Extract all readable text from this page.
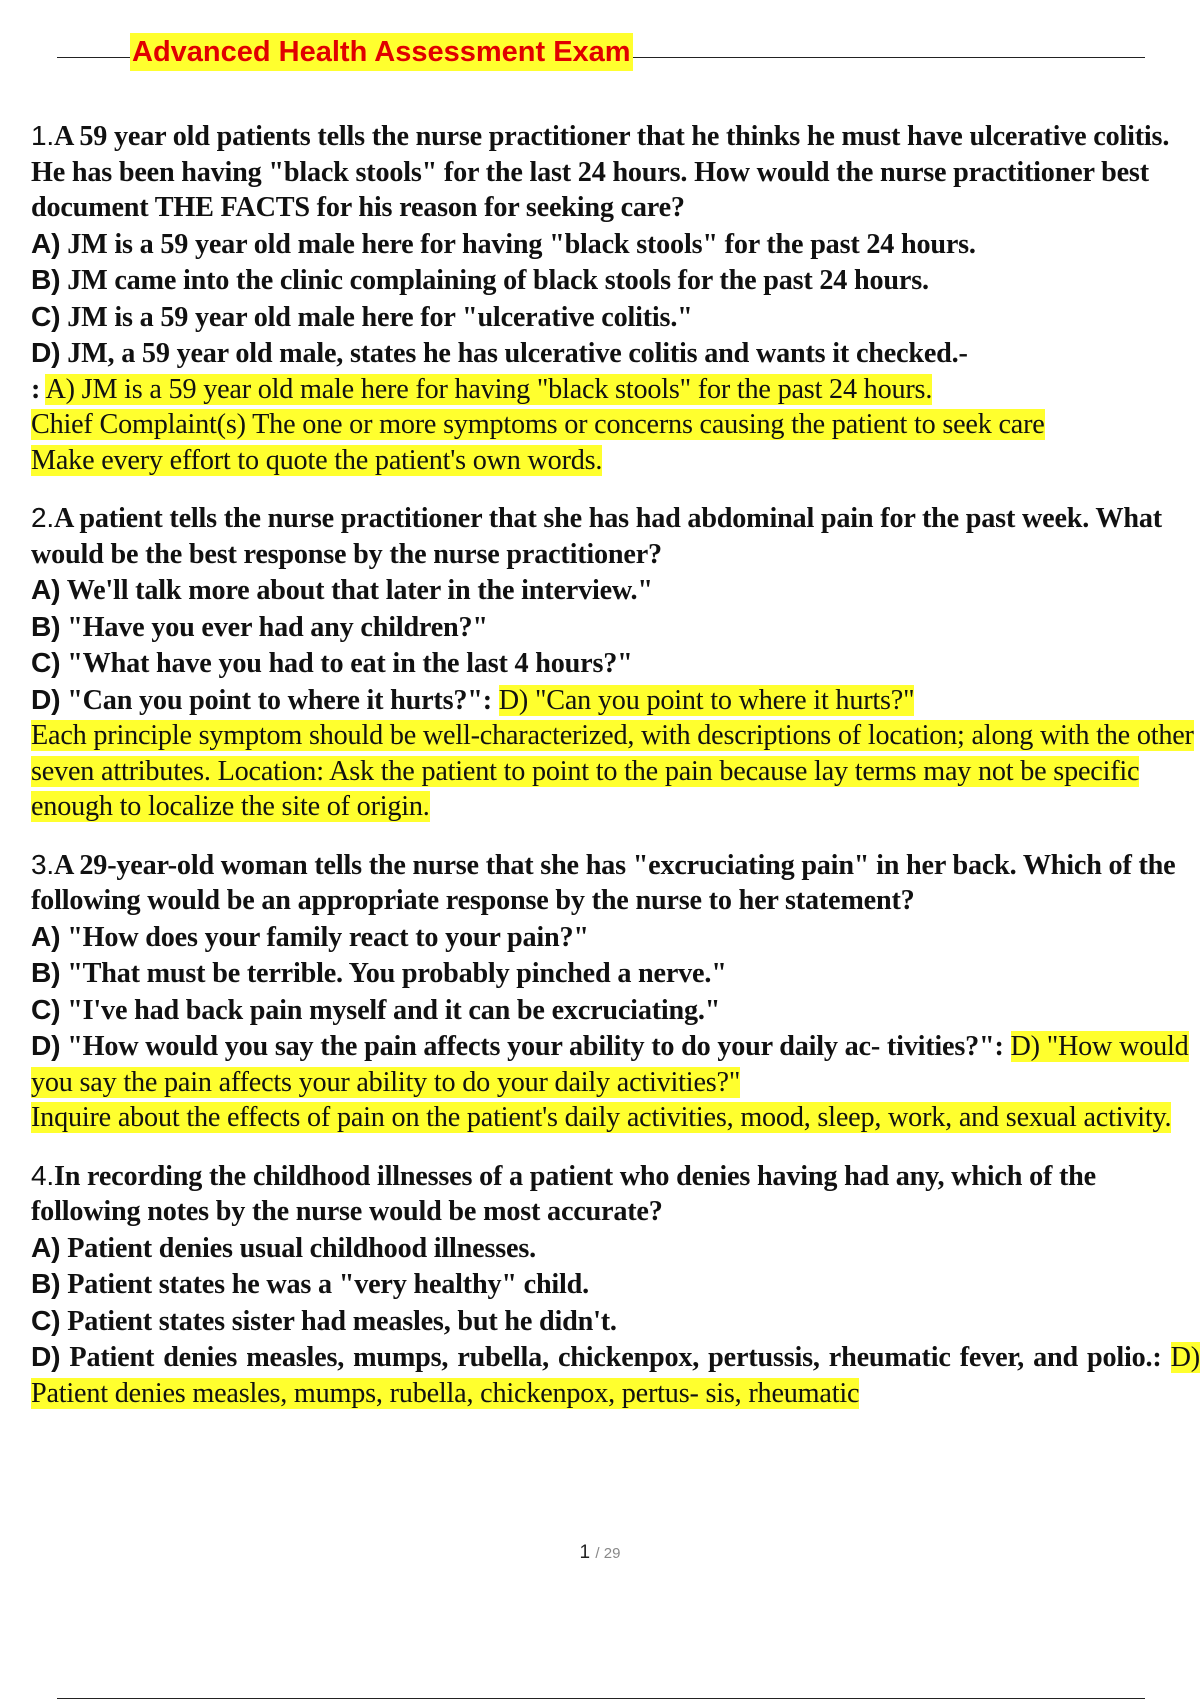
Advanced Health Assessment Exam
1.A 59 year old patients tells the nurse practitioner that he thinks he must have ulcerative colitis. He has been having "black stools" for the last 24 hours. How would the nurse practitioner best document THE FACTS for his reason for seeking care?
A) JM is a 59 year old male here for having "black stools" for the past 24 hours.
B) JM came into the clinic complaining of black stools for the past 24 hours.
C) JM is a 59 year old male here for "ulcerative colitis."
D) JM, a 59 year old male, states he has ulcerative colitis and wants it checked.-
: A) JM is a 59 year old male here for having "black stools" for the past 24 hours.
Chief Complaint(s) The one or more symptoms or concerns causing the patient to seek care
Make every effort to quote the patient's own words.
2.A patient tells the nurse practitioner that she has had abdominal pain for the past week. What would be the best response by the nurse practitioner?
A) We'll talk more about that later in the interview."
B) "Have you ever had any children?"
C) "What have you had to eat in the last 4 hours?"
D) "Can you point to where it hurts?": D) "Can you point to where it hurts?"
Each principle symptom should be well-characterized, with descriptions of location; along with the other seven attributes. Location: Ask the patient to point to the pain because lay terms may not be specific enough to localize the site of origin.
3.A 29-year-old woman tells the nurse that she has "excruciating pain" in her back. Which of the following would be an appropriate response by the nurse to her statement?
A) "How does your family react to your pain?"
B) "That must be terrible. You probably pinched a nerve."
C) "I've had back pain myself and it can be excruciating."
D) "How would you say the pain affects your ability to do your daily ac- tivities?": D) "How would you say the pain affects your ability to do your daily activities?"
Inquire about the effects of pain on the patient's daily activities, mood, sleep, work, and sexual activity.
4.In recording the childhood illnesses of a patient who denies having had any, which of the following notes by the nurse would be most accurate?
A) Patient denies usual childhood illnesses.
B) Patient states he was a "very healthy" child.
C) Patient states sister had measles, but he didn't.
D) Patient denies measles, mumps, rubella, chickenpox, pertussis, rheumatic fever, and polio.: D) Patient denies measles, mumps, rubella, chickenpox, pertus- sis, rheumatic
1 / 29
